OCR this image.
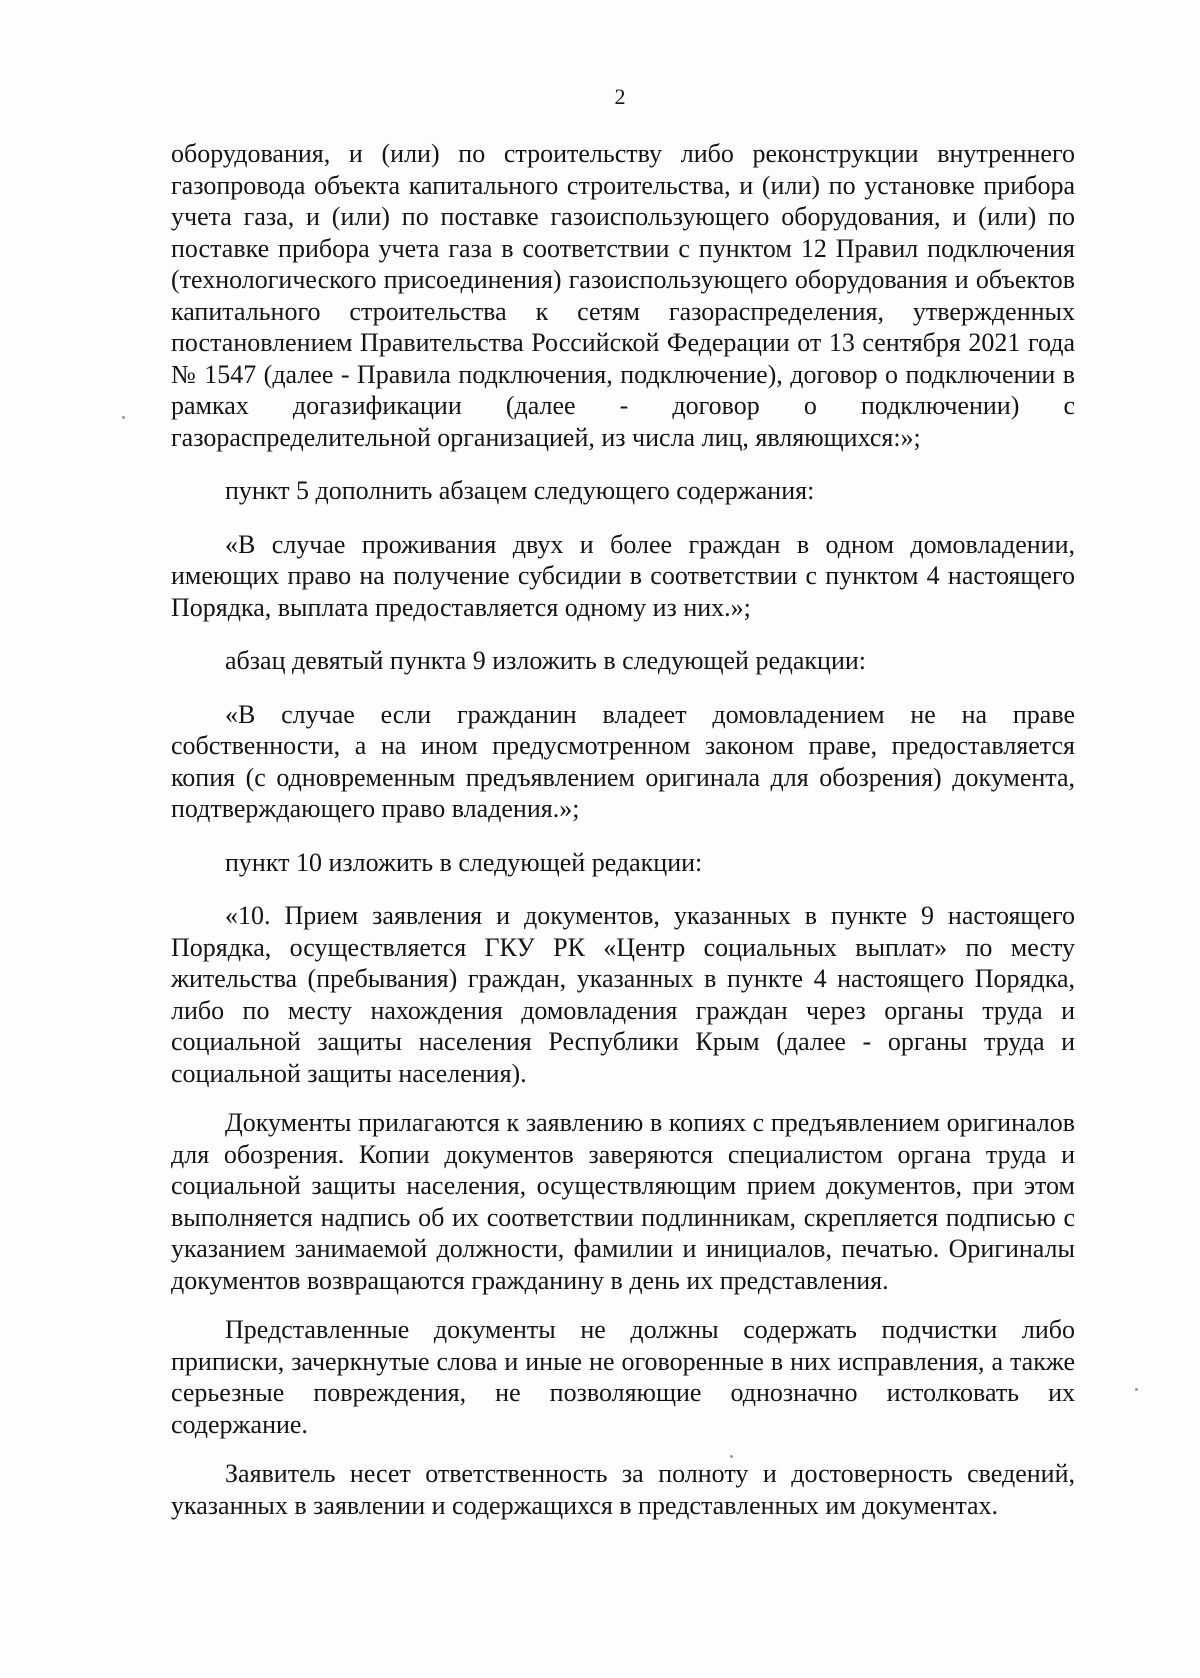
2

оборудования, и (или) по строительству либо реконструкции внутреннего газопровода объекта капитального строительства, и (или) по установке прибора учета газа, и (или) по поставке газоиспользующего оборудования, и (или) по поставке прибора учета газа в соответствии с пунктом 12 Правил подключения (технологического присоединения) газоиспользующего оборудования и объектов капитального строительства к сетям газораспределения, утвержденных постановлением Правительства Российской Федерации от 13 сентября 2021 года № 1547 (далее - Правила подключения, подключение), договор о подключении в рамках догазификации (далее - договор о подключении) с газораспределительной организацией, из числа лиц, являющихся:»;

пункт 5 дополнить абзацем следующего содержания:

«В случае проживания двух и более граждан в одном домовладении, имеющих право на получение субсидии в соответствии с пунктом 4 настоящего Порядка, выплата предоставляется одному из них.»;

абзац девятый пункта 9 изложить в следующей редакции:

«В случае если гражданин владеет домовладением не на праве собственности, а на ином предусмотренном законом праве, предоставляется копия (с одновременным предъявлением оригинала для обозрения) документа, подтверждающего право владения.»;

пункт 10 изложить в следующей редакции:

«10. Прием заявления и документов, указанных в пункте 9 настоящего Порядка, осуществляется ГКУ РК «Центр социальных выплат» по месту жительства (пребывания) граждан, указанных в пункте 4 настоящего Порядка, либо по месту нахождения домовладения граждан через органы труда и социальной защиты населения Республики Крым (далее - органы труда и социальной защиты населения).

Документы прилагаются к заявлению в копиях с предъявлением оригиналов для обозрения. Копии документов заверяются специалистом органа труда и социальной защиты населения, осуществляющим прием документов, при этом выполняется надпись об их соответствии подлинникам, скрепляется подписью с указанием занимаемой должности, фамилии и инициалов, печатью. Оригиналы документов возвращаются гражданину в день их представления.

Представленные документы не должны содержать подчистки либо приписки, зачеркнутые слова и иные не оговоренные в них исправления, а также серьезные повреждения, не позволяющие однозначно истолковать их содержание.

Заявитель несет ответственность за полноту и достоверность сведений, указанных в заявлении и содержащихся в представленных им документах.
